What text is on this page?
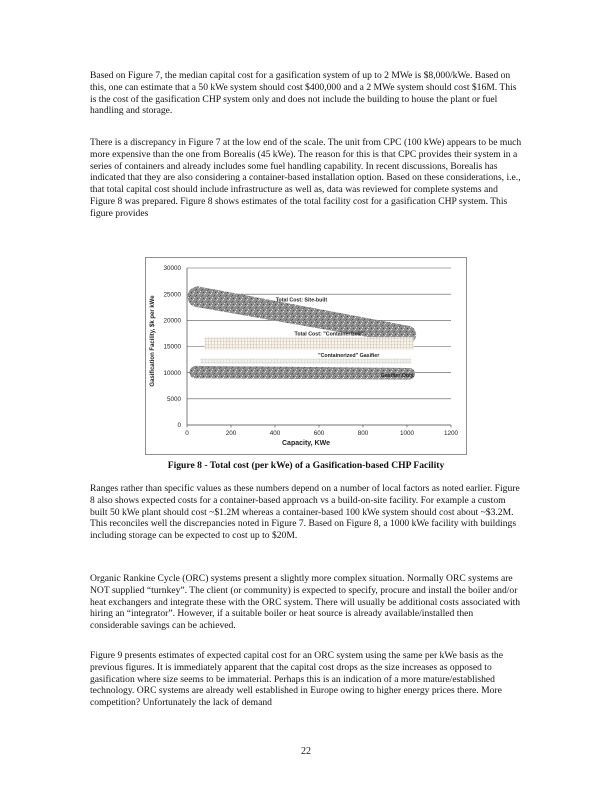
Based on Figure 7, the median capital cost for a gasification system of up to 2 MWe is $8,000/kWe. Based on this, one can estimate that a 50 kWe system should cost $400,000 and a 2 MWe system should cost $16M. This is the cost of the gasification CHP system only and does not include the building to house the plant or fuel handling and storage.

There is a discrepancy in Figure 7 at the low end of the scale. The unit from CPC (100 kWe) appears to be much more expensive than the one from Borealis (45 kWe). The reason for this is that CPC provides their system in a series of containers and already includes some fuel handling capability. In recent discussions, Borealis has indicated that they are also considering a container-based installation option. Based on these considerations, i.e., that total capital cost should include infrastructure as well as, data was reviewed for complete systems and Figure 8 was prepared. Figure 8 shows estimates of the total facility cost for a gasification CHP system. This figure provides

0
5000
10000
15000
20000
25000
30000
0	200	400	600	800	1000	1200
Total Cost: Site-built
Total Cost: "Containerized"
"Containerized" Gasifier
Gasifier Only
Capacity, KWe
Gasification Facility, $k per kWe
Figure 8 - Total cost (per kWe) of a Gasification-based CHP Facility

Ranges rather than specific values as these numbers depend on a number of local factors as noted earlier. Figure 8 also shows expected costs for a container-based approach vs a build-on-site facility. For example a custom built 50 kWe plant should cost ~$1.2M whereas a container-based 100 kWe system should cost about ~$3.2M. This reconciles well the discrepancies noted in Figure 7. Based on Figure 8, a 1000 kWe facility with buildings including storage can be expected to cost up to $20M.

Organic Rankine Cycle (ORC) systems present a slightly more complex situation. Normally ORC systems are NOT supplied “turnkey”. The client (or community) is expected to specify, procure and install the boiler and/or heat exchangers and integrate these with the ORC system. There will usually be additional costs associated with hiring an “integrator”. However, if a suitable boiler or heat source is already available/installed then considerable savings can be achieved.

Figure 9 presents estimates of expected capital cost for an ORC system using the same per kWe basis as the previous figures. It is immediately apparent that the capital cost drops as the size increases as opposed to gasification where size seems to be immaterial. Perhaps this is an indication of a more mature/established technology. ORC systems are already well established in Europe owing to higher energy prices there. More competition? Unfortunately the lack of demand

22
